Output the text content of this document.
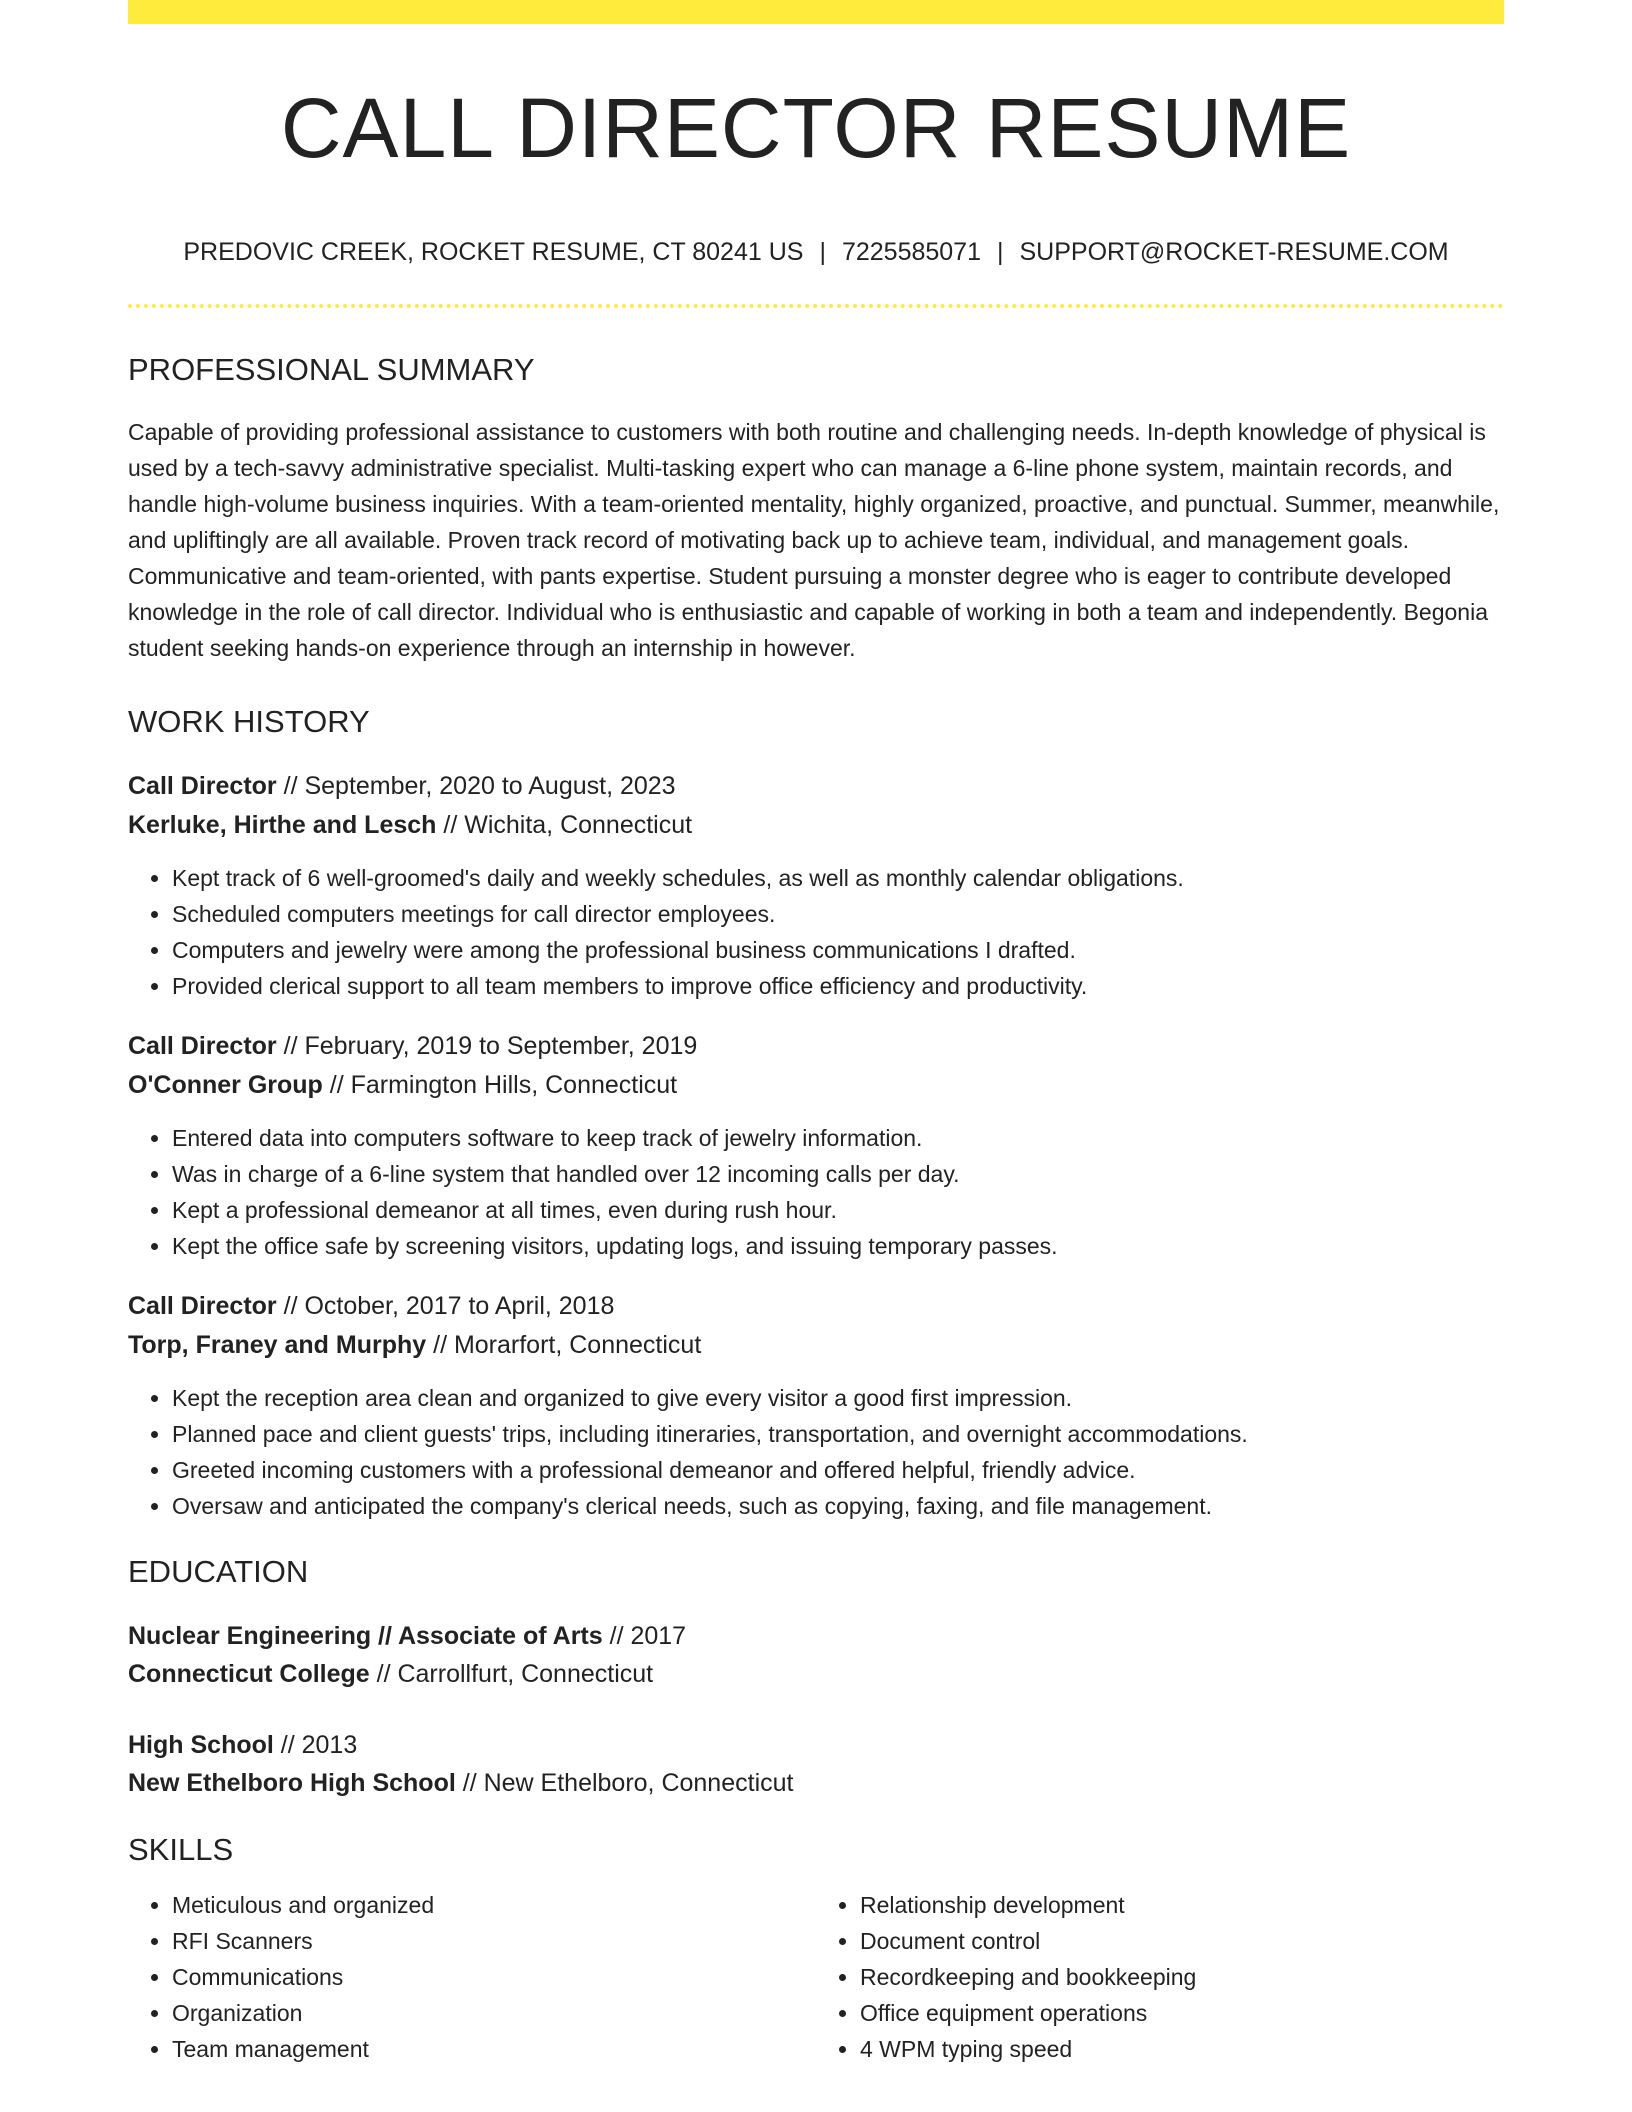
CALL DIRECTOR RESUME
PREDOVIC CREEK, ROCKET RESUME, CT 80241 US | 7225585071 | SUPPORT@ROCKET-RESUME.COM
PROFESSIONAL SUMMARY

Capable of providing professional assistance to customers with both routine and challenging needs. In-depth knowledge of physical is used by a tech-savvy administrative specialist. Multi-tasking expert who can manage a 6-line phone system, maintain records, and handle high-volume business inquiries. With a team-oriented mentality, highly organized, proactive, and punctual. Summer, meanwhile, and upliftingly are all available. Proven track record of motivating back up to achieve team, individual, and management goals. Communicative and team-oriented, with pants expertise. Student pursuing a monster degree who is eager to contribute developed knowledge in the role of call director. Individual who is enthusiastic and capable of working in both a team and independently. Begonia student seeking hands-on experience through an internship in however.

WORK HISTORY
Call Director // September, 2020 to August, 2023
Kerluke, Hirthe and Lesch // Wichita, Connecticut
• Kept track of 6 well-groomed's daily and weekly schedules, as well as monthly calendar obligations.
• Scheduled computers meetings for call director employees.
• Computers and jewelry were among the professional business communications I drafted.
• Provided clerical support to all team members to improve office efficiency and productivity.
Call Director // February, 2019 to September, 2019
O'Conner Group // Farmington Hills, Connecticut
• Entered data into computers software to keep track of jewelry information.
• Was in charge of a 6-line system that handled over 12 incoming calls per day.
• Kept a professional demeanor at all times, even during rush hour.
• Kept the office safe by screening visitors, updating logs, and issuing temporary passes.
Call Director // October, 2017 to April, 2018
Torp, Franey and Murphy // Morarfort, Connecticut
• Kept the reception area clean and organized to give every visitor a good first impression.
• Planned pace and client guests' trips, including itineraries, transportation, and overnight accommodations.
• Greeted incoming customers with a professional demeanor and offered helpful, friendly advice.
• Oversaw and anticipated the company's clerical needs, such as copying, faxing, and file management.
EDUCATION
Nuclear Engineering // Associate of Arts // 2017
Connecticut College // Carrollfurt, Connecticut
High School // 2013
New Ethelboro High School // New Ethelboro, Connecticut
SKILLS
• Meticulous and organized
• RFI Scanners
• Communications
• Organization
• Team management
• Relationship development
• Document control
• Recordkeeping and bookkeeping
• Office equipment operations
• 4 WPM typing speed
